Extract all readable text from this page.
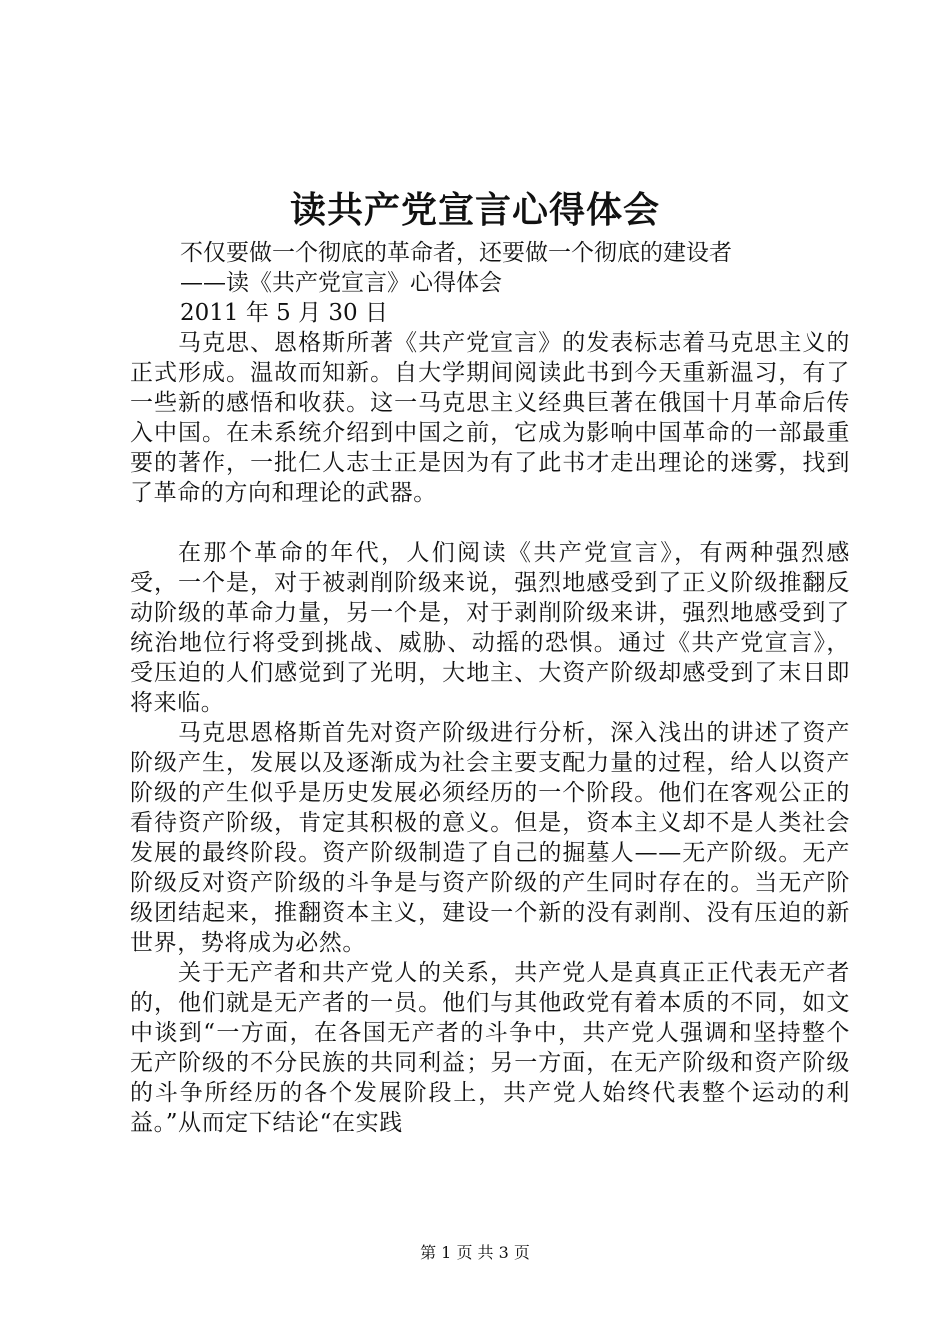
读共产党宣言心得体会

不仅要做一个彻底的革命者，还要做一个彻底的建设者

——读《共产党宣言》心得体会

2011 年 5 月 30 日

马克思、恩格斯所著《共产党宣言》的发表标志着马克思主义的正式形成。温故而知新。自大学期间阅读此书到今天重新温习，有了一些新的感悟和收获。这一马克思主义经典巨著在俄国十月革命后传入中国。在未系统介绍到中国之前，它成为影响中国革命的一部最重要的著作，一批仁人志士正是因为有了此书才走出理论的迷雾，找到了革命的方向和理论的武器。

在那个革命的年代，人们阅读《共产党宣言》，有两种强烈感受，一个是，对于被剥削阶级来说，强烈地感受到了正义阶级推翻反动阶级的革命力量，另一个是，对于剥削阶级来讲，强烈地感受到了统治地位行将受到挑战、威胁、动摇的恐惧。通过《共产党宣言》，受压迫的人们感觉到了光明，大地主、大资产阶级却感受到了末日即将来临。

马克思恩格斯首先对资产阶级进行分析，深入浅出的讲述了资产阶级产生，发展以及逐渐成为社会主要支配力量的过程，给人以资产阶级的产生似乎是历史发展必须经历的一个阶段。他们在客观公正的看待资产阶级，肯定其积极的意义。但是，资本主义却不是人类社会发展的最终阶段。资产阶级制造了自己的掘墓人——无产阶级。无产阶级反对资产阶级的斗争是与资产阶级的产生同时存在的。当无产阶级团结起来，推翻资本主义，建设一个新的没有剥削、没有压迫的新世界，势将成为必然。

关于无产者和共产党人的关系，共产党人是真真正正代表无产者的，他们就是无产者的一员。他们与其他政党有着本质的不同，如文中谈到“一方面，在各国无产者的斗争中，共产党人强调和坚持整个无产阶级的不分民族的共同利益；另一方面，在无产阶级和资产阶级的斗争所经历的各个发展阶段上，共产党人始终代表整个运动的利益。”从而定下结论“在实践

第 1 页 共 3 页
